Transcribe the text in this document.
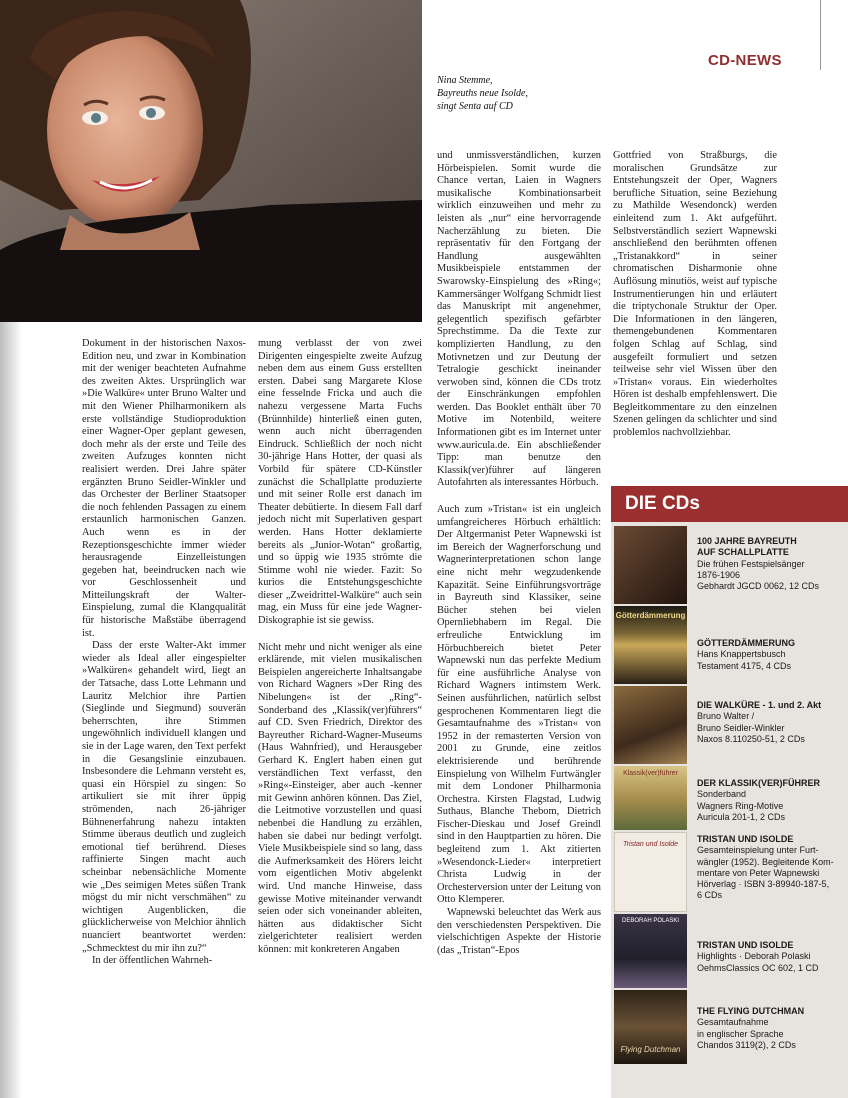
CD-NEWS
Nina Stemme,
Bayreuths neue Isolde,
singt Senta auf CD

Dokument in der historischen Naxos-Edition neu, und zwar in Kombination mit der weniger beachteten Aufnahme des zweiten Aktes. Ursprünglich war »Die Walküre« unter Bruno Walter und mit den Wiener Philharmonikern als erste vollständige Studioproduktion einer Wagner-Oper geplant gewesen, doch mehr als der erste und Teile des zweiten Aufzuges konnten nicht realisiert werden. Drei Jahre später ergänzten Bruno Seidler-Winkler und das Orchester der Berliner Staatsoper die noch fehlenden Passagen zu einem erstaunlich harmonischen Ganzen. Auch wenn es in der Rezeptionsgeschichte immer wieder herausragende Einzelleistungen gegeben hat, beeindrucken nach wie vor Geschlossenheit und Mitteilungskraft der Walter-Einspielung, zumal die Klangqualität für historische Maßstäbe überragend ist.

Dass der erste Walter-Akt immer wieder als Ideal aller eingespielter »Walküren« gehandelt wird, liegt an der Tatsache, dass Lotte Lehmann und Lauritz Melchior ihre Partien (Sieglinde und Siegmund) souverän beherrschten, ihre Stimmen ungewöhnlich individuell klangen und sie in der Lage waren, den Text perfekt in die Gesangslinie einzubauen. Insbesondere die Lehmann versteht es, quasi ein Hörspiel zu singen: So artikuliert sie mit ihrer üppig strömenden, nach 26-jähriger Bühnenerfahrung nahezu intakten Stimme überaus deutlich und zugleich emotional tief berührend. Dieses raffinierte Singen macht auch scheinbar nebensächliche Momente wie „Des seimigen Metes süßen Trank mögst du mir nicht verschmähen“ zu wichtigen Augenblicken, die glücklicherweise von Melchior ähnlich nuanciert beantwortet werden: „Schmecktest du mir ihn zu?“

In der öffentlichen Wahrneh-

mung verblasst der von zwei Dirigenten eingespielte zweite Aufzug neben dem aus einem Guss erstellten ersten. Dabei sang Margarete Klose eine fesselnde Fricka und auch die nahezu vergessene Marta Fuchs (Brünnhilde) hinterließ einen guten, wenn auch nicht überragenden Eindruck. Schließlich der noch nicht 30-jährige Hans Hotter, der quasi als Vorbild für spätere CD-Künstler zunächst die Schallplatte produzierte und mit seiner Rolle erst danach im Theater debütierte. In diesem Fall darf jedoch nicht mit Superlativen gespart werden. Hans Hotter deklamierte bereits als „Junior-Wotan“ großartig, und so üppig wie 1935 strömte die Stimme wohl nie wieder. Fazit: So kurios die Entstehungsgeschichte dieser „Zweidrittel-Walküre“ auch sein mag, ein Muss für eine jede Wagner-Diskographie ist sie gewiss.

Nicht mehr und nicht weniger als eine erklärende, mit vielen musikalischen Beispielen angereicherte Inhaltsangabe von Richard Wagners »Der Ring des Nibelungen« ist der „Ring“-Sonderband des „Klassik(ver)führers“ auf CD. Sven Friedrich, Direktor des Bayreuther Richard-Wagner-Museums (Haus Wahnfried), und Herausgeber Gerhard K. Englert haben einen gut verständlichen Text verfasst, den »Ring«-Einsteiger, aber auch -kenner mit Gewinn anhören können. Das Ziel, die Leitmotive vorzustellen und quasi nebenbei die Handlung zu erzählen, haben sie dabei nur bedingt verfolgt. Viele Musikbeispiele sind so lang, dass die Aufmerksamkeit des Hörers leicht vom eigentlichen Motiv abgelenkt wird. Und manche Hinweise, dass gewisse Motive miteinander verwandt seien oder sich voneinander ableiten, hätten aus didaktischer Sicht zielgerichteter realisiert werden können: mit konkreteren Angaben

und unmissverständlichen, kurzen Hörbeispielen. Somit wurde die Chance vertan, Laien in Wagners musikalische Kombinationsarbeit wirklich einzuweihen und mehr zu leisten als „nur“ eine hervorragende Nacherzählung zu bieten. Die repräsentativ für den Fortgang der Handlung ausgewählten Musikbeispiele entstammen der Swarowsky-Einspielung des »Ring«; Kammersänger Wolfgang Schmidt liest das Manuskript mit angenehmer, gelegentlich spezifisch gefärbter Sprechstimme. Da die Texte zur komplizierten Handlung, zu den Motivnetzen und zur Deutung der Tetralogie geschickt ineinander verwoben sind, können die CDs trotz der Einschränkungen empfohlen werden. Das Booklet enthält über 70 Motive im Notenbild, weitere Informationen gibt es im Internet unter www.auricula.de. Ein abschließender Tipp: man benutze den Klassik(ver)führer auf längeren Autofahrten als interessantes Hörbuch.

Auch zum »Tristan« ist ein ungleich umfangreicheres Hörbuch erhältlich: Der Altgermanist Peter Wapnewski ist im Bereich der Wagnerforschung und Wagnerinterpretationen schon lange eine nicht mehr wegzudenkende Kapazität. Seine Einführungsvorträge in Bayreuth sind Klassiker, seine Bücher stehen bei vielen Opernliebhabern im Regal. Die erfreuliche Entwicklung im Hörbuchbereich bietet Peter Wapnewski nun das perfekte Medium für eine ausführliche Analyse von Richard Wagners intimstem Werk. Seinen ausführlichen, natürlich selbst gesprochenen Kommentaren liegt die Gesamtaufnahme des »Tristan« von 1952 in der remasterten Version von 2001 zu Grunde, eine zeitlos elektrisierende und berührende Einspielung von Wilhelm Furtwängler mit dem Londoner Philharmonia Orchestra. Kirsten Flagstad, Ludwig Suthaus, Blanche Thebom, Dietrich Fischer-Dieskau und Josef Greindl sind in den Hauptpartien zu hören. Die begleitend zum 1. Akt zitierten »Wesendonck-Lieder« interpretiert Christa Ludwig in der Orchesterversion unter der Leitung von Otto Klemperer.

Wapnewski beleuchtet das Werk aus den verschiedensten Perspektiven. Die vielschichtigen Aspekte der Historie (das „Tristan“-Epos

Gottfried von Straßburgs, die moralischen Grundsätze zur Entstehungszeit der Oper, Wagners berufliche Situation, seine Beziehung zu Mathilde Wesendonck) werden einleitend zum 1. Akt aufgeführt. Selbstverständlich seziert Wapnewski anschließend den berühmten offenen „Tristanakkord“ in seiner chromatischen Disharmonie ohne Auflösung minutiös, weist auf typische Instrumentierungen hin und erläutert die triptychonale Struktur der Oper. Die Informationen in den längeren, themengebundenen Kommentaren folgen Schlag auf Schlag, sind ausgefeilt formuliert und setzen teilweise sehr viel Wissen über den »Tristan« voraus. Ein wiederholtes Hören ist deshalb empfehlenswert. Die Begleitkommentare zu den einzelnen Szenen gelingen da schlichter und sind problemlos nachvollziehbar.

DIE CDs
100 JAHRE BAYREUTH
AUF SCHALLPLATTE
Die frühen Festspielsänger
1876-1906
Gebhardt JGCD 0062, 12 CDs
Götterdämmerung
GÖTTERDÄMMERUNG
Hans Knappertsbusch
Testament 4175, 4 CDs
DIE WALKÜRE - 1. und 2. Akt
Bruno Walter /
Bruno Seidler-Winkler
Naxos 8.110250-51, 2 CDs
Klassik(ver)führer
DER KLASSIK(VER)FÜHRER
Sonderband
Wagners Ring-Motive
Auricula 201-1, 2 CDs
Tristan und Isolde
TRISTAN UND ISOLDE
Gesamteinspielung unter Furt-
wängler (1952). Begleitende Kom-
mentare von Peter Wapnewski
Hörverlag · ISBN 3-89940-187-5,
6 CDs
DEBORAH POLASKI
TRISTAN UND ISOLDE
Highlights · Deborah Polaski
OehmsClassics OC 602, 1 CD
Flying Dutchman
THE FLYING DUTCHMAN
Gesamtaufnahme
in englischer Sprache
Chandos 3119(2), 2 CDs
